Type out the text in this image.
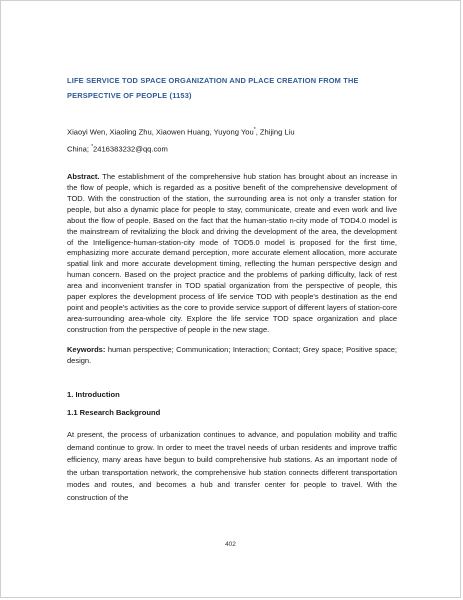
LIFE SERVICE TOD SPACE ORGANIZATION AND PLACE CREATION FROM THE PERSPECTIVE OF PEOPLE (1153)
Xiaoyi Wen, Xiaoling Zhu, Xiaowen Huang, Yuyong You*, Zhijing Liu
China; *2416383232@qq.com
Abstract. The establishment of the comprehensive hub station has brought about an increase in the flow of people, which is regarded as a positive benefit of the comprehensive development of TOD. With the construction of the station, the surrounding area is not only a transfer station for people, but also a dynamic place for people to stay, communicate, create and even work and live about the flow of people. Based on the fact that the human-statio n-city mode of TOD4.0 model is the mainstream of revitalizing the block and driving the development of the area, the development of the Intelligence-human-station-city mode of TOD5.0 model is proposed for the first time, emphasizing more accurate demand perception, more accurate element allocation, more accurate spatial link and more accurate development timing, reflecting the human perspective design and human concern. Based on the project practice and the problems of parking difficulty, lack of rest area and inconvenient transfer in TOD spatial organization from the perspective of people, this paper explores the development process of life service TOD with people's destination as the end point and people's activities as the core to provide service support of different layers of station-core area-surrounding area-whole city. Explore the life service TOD space organization and place construction from the perspective of people in the new stage.
Keywords: human perspective; Communication; Interaction; Contact; Grey space; Positive space; design.
1. Introduction
1.1 Research Background
At present, the process of urbanization continues to advance, and population mobility and traffic demand continue to grow. In order to meet the travel needs of urban residents and improve traffic efficiency, many areas have begun to build comprehensive hub stations. As an important node of the urban transportation network, the comprehensive hub station connects different transportation modes and routes, and becomes a hub and transfer center for people to travel. With the construction of the
402
